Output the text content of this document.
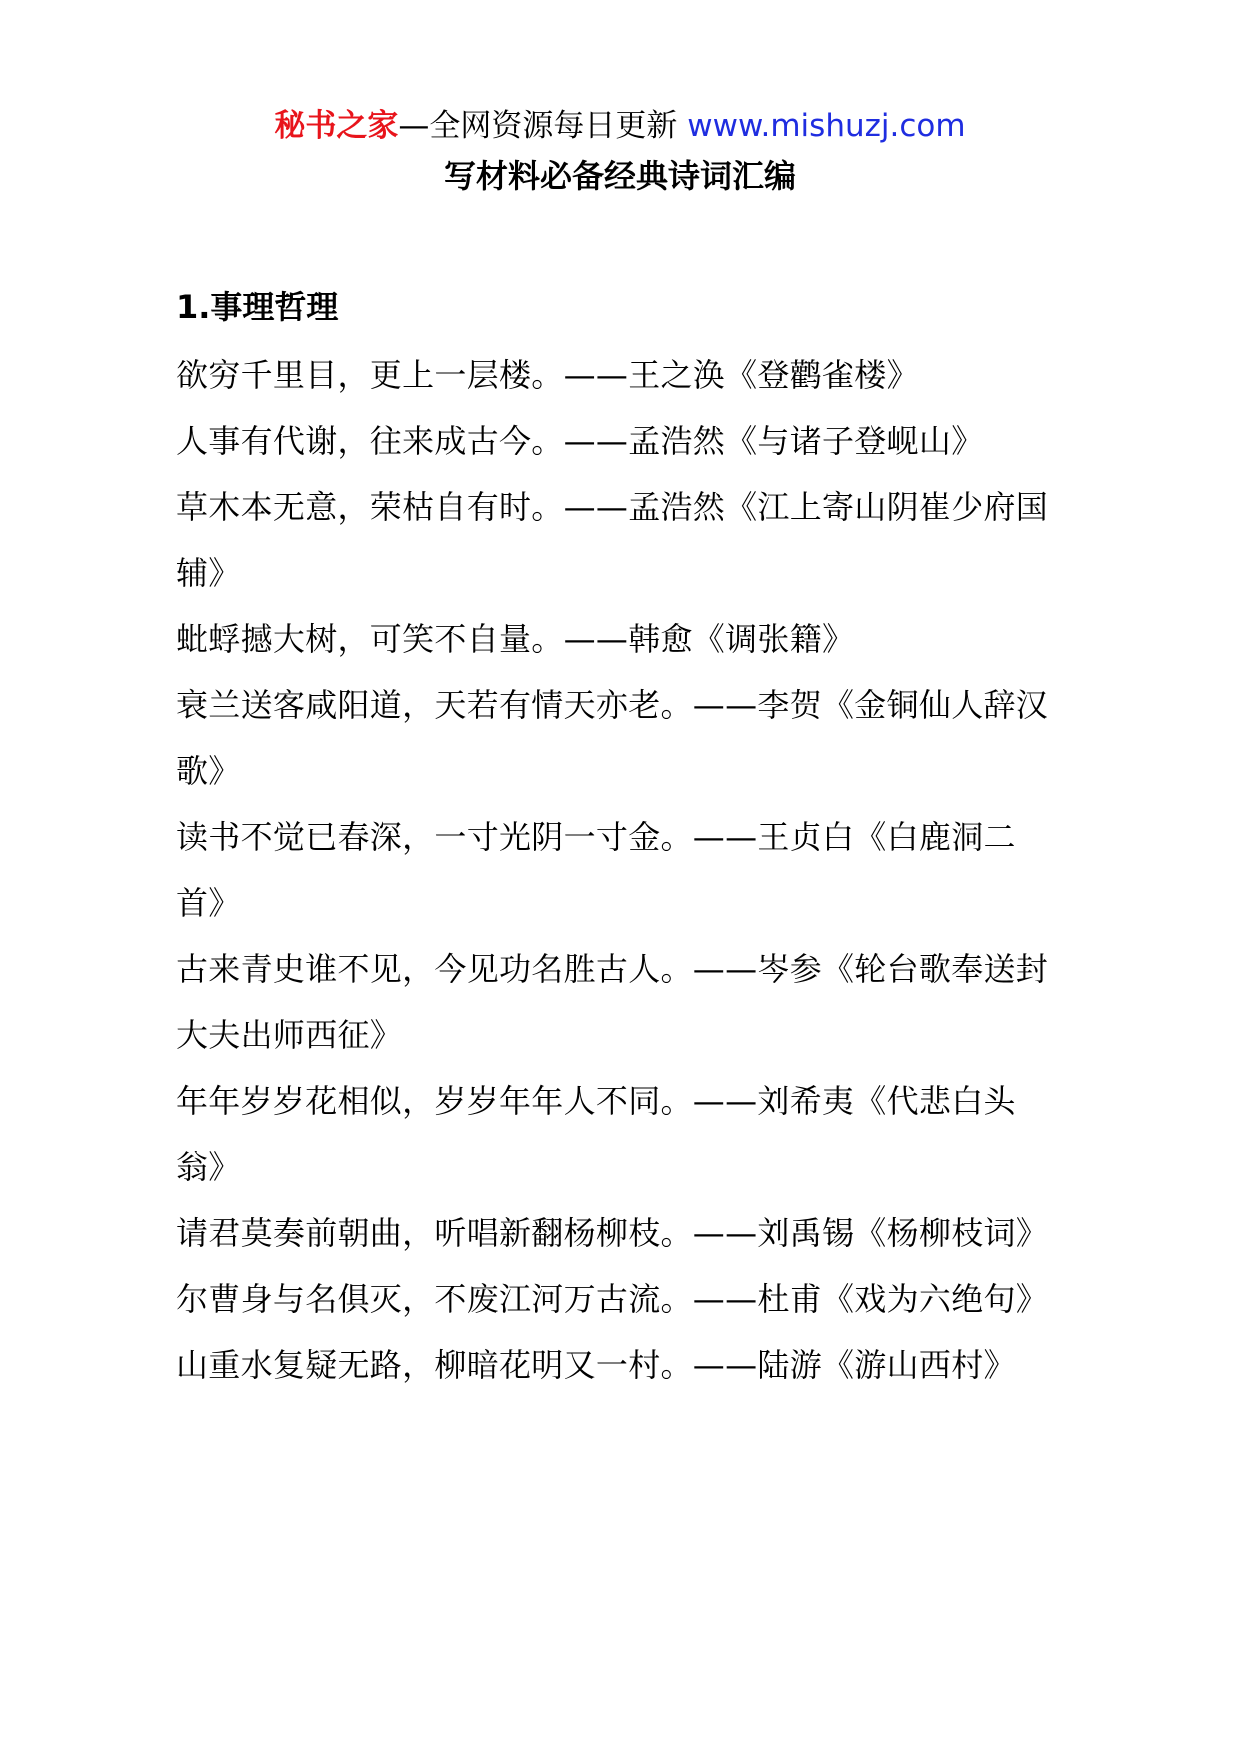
秘书之家—全网资源每日更新 www.mishuzj.com
写材料必备经典诗词汇编
1.事理哲理
欲穷千里目，更上一层楼。——王之涣《登鹳雀楼》
人事有代谢，往来成古今。——孟浩然《与诸子登岘山》
草木本无意，荣枯自有时。——孟浩然《江上寄山阴崔少府国辅》
蚍蜉撼大树，可笑不自量。——韩愈《调张籍》
衰兰送客咸阳道，天若有情天亦老。——李贺《金铜仙人辞汉歌》
读书不觉已春深，一寸光阴一寸金。——王贞白《白鹿洞二首》
古来青史谁不见，今见功名胜古人。——岑参《轮台歌奉送封大夫出师西征》
年年岁岁花相似，岁岁年年人不同。——刘希夷《代悲白头翁》
请君莫奏前朝曲，听唱新翻杨柳枝。——刘禹锡《杨柳枝词》
尔曹身与名俱灭，不废江河万古流。——杜甫《戏为六绝句》
山重水复疑无路，柳暗花明又一村。——陆游《游山西村》
